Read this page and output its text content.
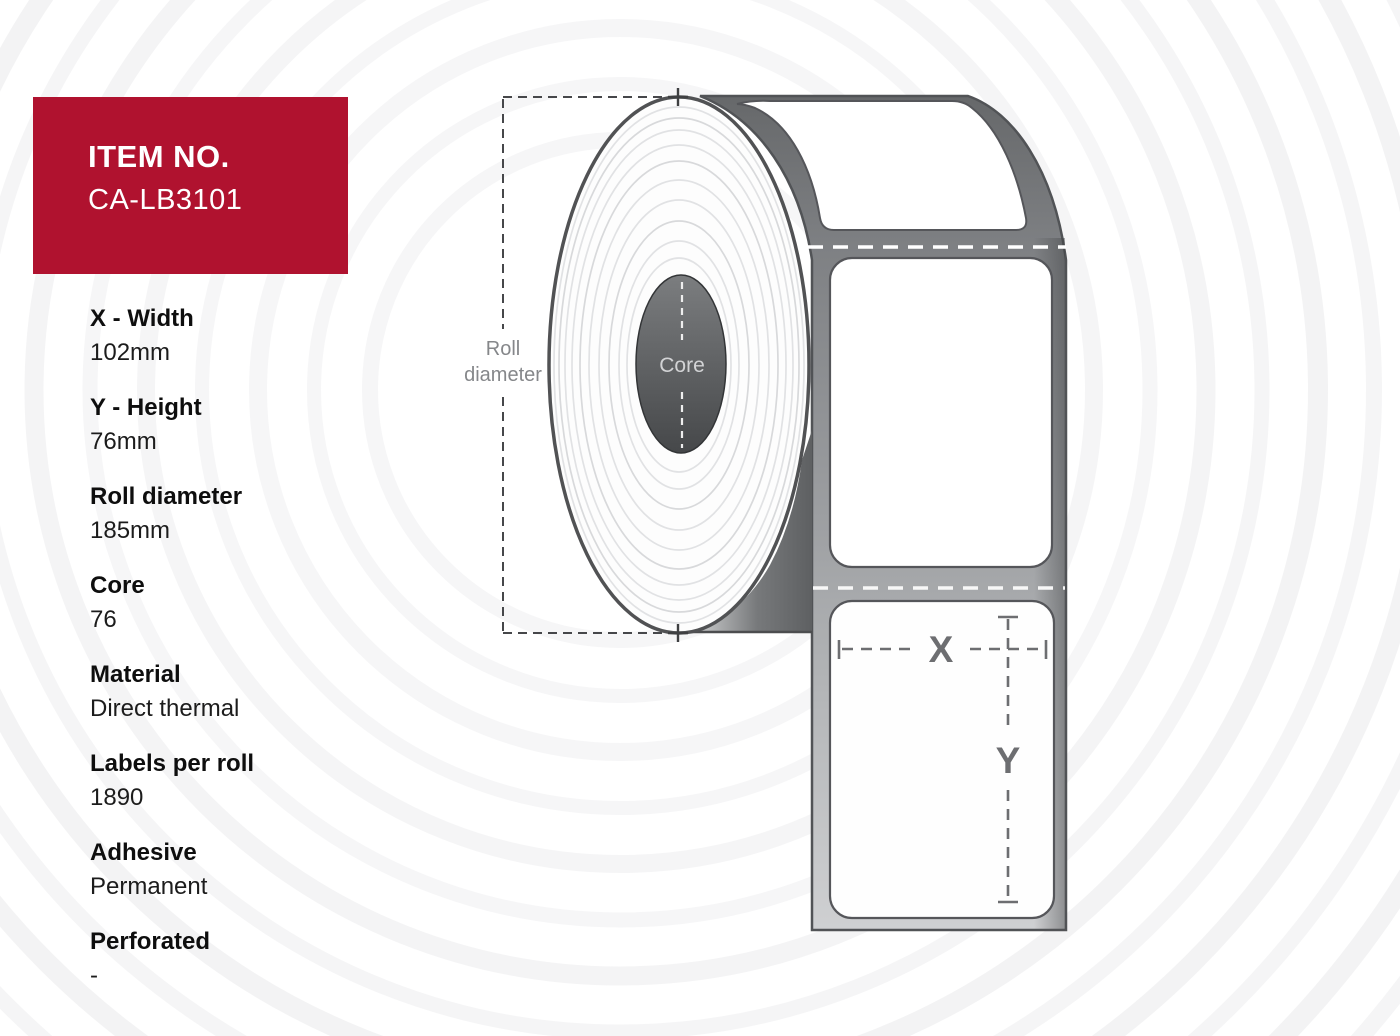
Core
Roll
diameter
X
Y
ITEM NO.
CA-LB3101
X - Width
102mm
Y - Height
76mm
Roll diameter
185mm
Core
76
Material
Direct thermal
Labels per roll
1890
Adhesive
Permanent
Perforated
-
